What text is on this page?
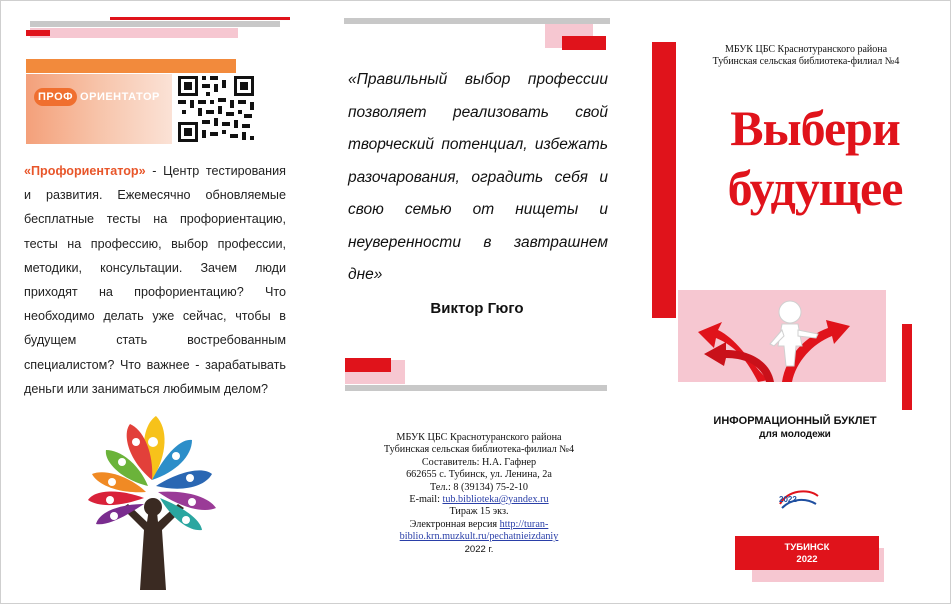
ПРОФ ОРИЕНТАТОР
«Профориентатор» - Центр тестирования и развития. Ежемесячно обновляемые бесплатные тесты на профориентацию, тесты на профессию, выбор профессии, методики, консультации. Зачем люди приходят на профориентацию? Что необходимо делать уже сейчас, чтобы в будущем стать востребованным специалистом? Что важнее - зарабатывать деньги или заниматься любимым делом?
«Правильный выбор профессии позволяет реализовать свой творческий потенциал, избежать разочарования, оградить себя и свою семью от нищеты и неуверенности в завтрашнем дне»
Виктор Гюго
МБУК ЦБС Краснотуранского района
Тубинская сельская библиотека-филиал №4
Составитель: Н.А. Гафнер
662655 с. Тубинск, ул. Ленина, 2а
Тел.: 8 (39134) 75-2-10
E-mail: tub.biblioteka@yandex.ru
Тираж 15 экз.
Электронная версия http://turan-
biblio.krn.muzkult.ru/pechatnieizdaniy
2022 г.
МБУК ЦБС Краснотуранского района
Тубинская сельская библиотека-филиал №4
Выбери
будущее
ИНФОРМАЦИОННЫЙ БУКЛЕТ
для молодежи
2022
ТУБИНСК
2022
